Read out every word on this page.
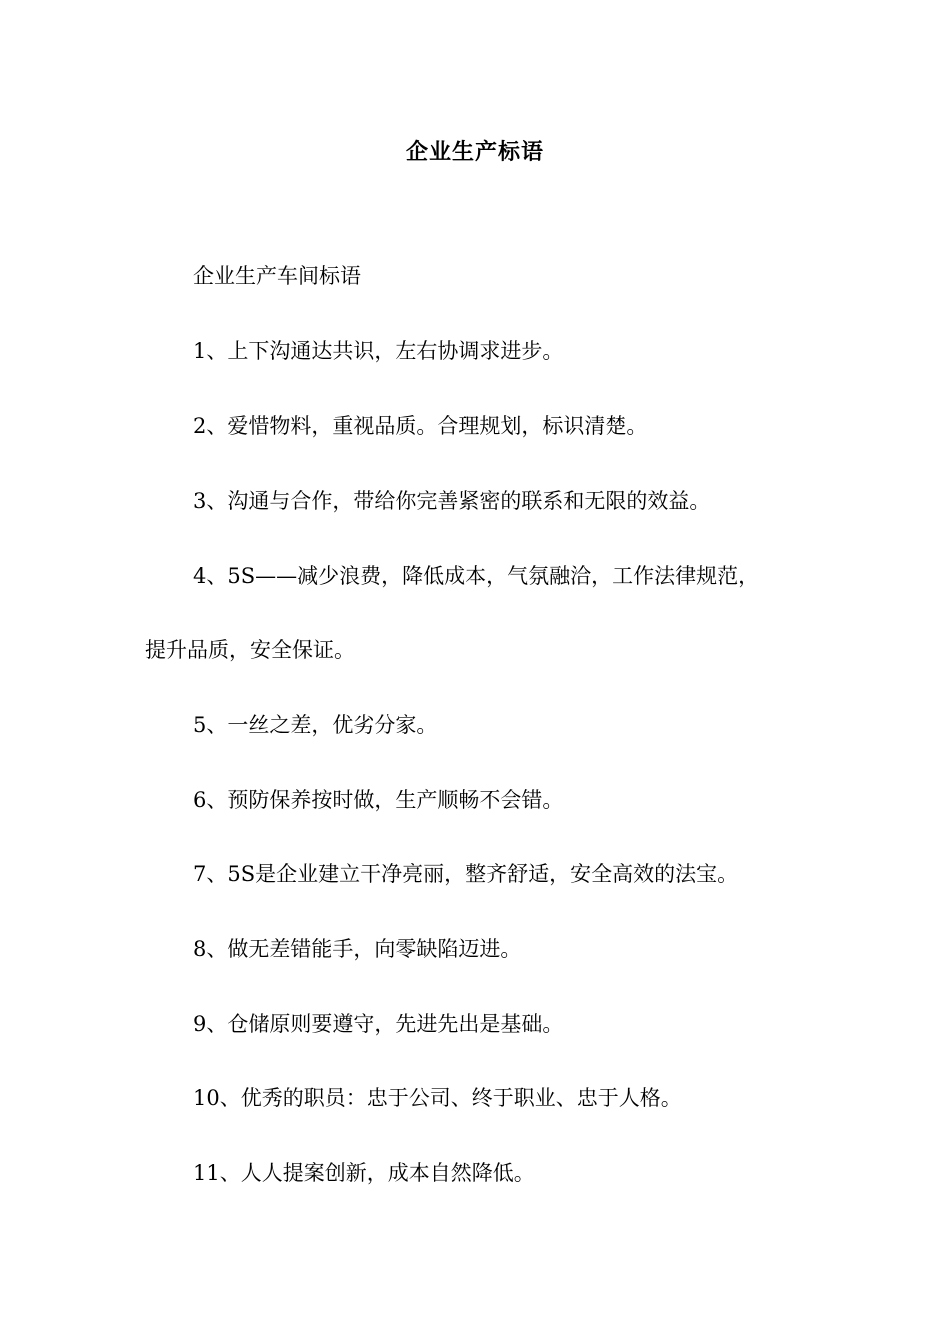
企业生产标语
企业生产车间标语
1、上下沟通达共识，左右协调求进步。
2、爱惜物料，重视品质。合理规划，标识清楚。
3、沟通与合作，带给你完善紧密的联系和无限的效益。
4、5S——减少浪费，降低成本，气氛融洽，工作法律规范，
提升品质，安全保证。
5、一丝之差，优劣分家。
6、预防保养按时做，生产顺畅不会错。
7、5S是企业建立干净亮丽，整齐舒适，安全高效的法宝。
8、做无差错能手，向零缺陷迈进。
9、仓储原则要遵守，先进先出是基础。
10、优秀的职员：忠于公司、终于职业、忠于人格。
11、人人提案创新，成本自然降低。
